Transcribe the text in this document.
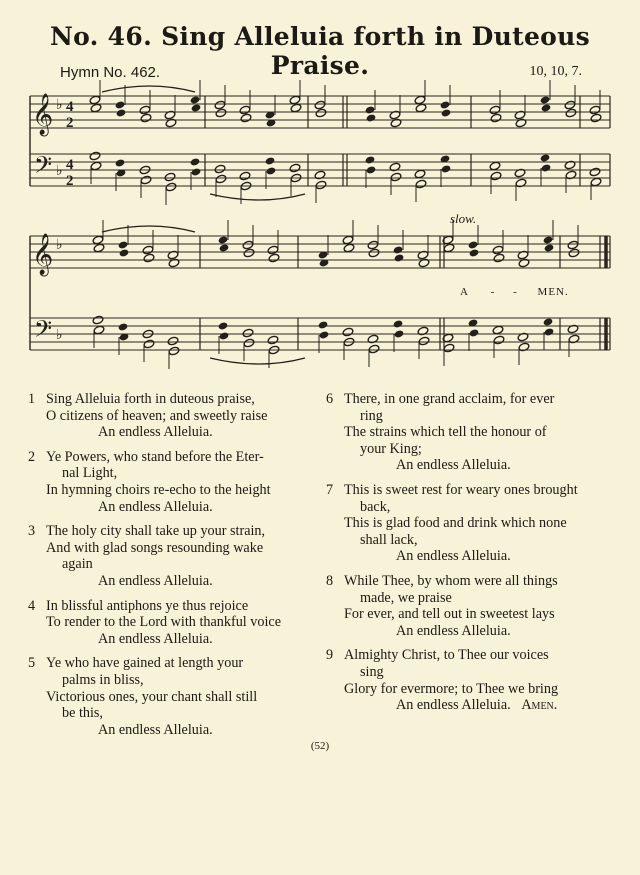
No. 46. Sing Alleluia forth in Duteous Praise.
Hymn No. 462.	10, 10, 7.
𝄞
𝄢
♭
♭
4
2
4
2
𝄞
𝄢
♭
♭
slow.
A - - MEN.
1 Sing Alleluia forth in duteous praise,
O citizens of heaven; and sweetly raise
An endless Alleluia.
2 Ye Powers, who stand before the Eter-
nal Light,
In hymning choirs re-echo to the height
An endless Alleluia.
3 The holy city shall take up your strain,
And with glad songs resounding wake
again
An endless Alleluia.
4 In blissful antiphons ye thus rejoice
To render to the Lord with thankful voice
An endless Alleluia.
5 Ye who have gained at length your
palms in bliss,
Victorious ones, your chant shall still
be this,
An endless Alleluia.
6 There, in one grand acclaim, for ever
ring
The strains which tell the honour of
your King;
An endless Alleluia.
7 This is sweet rest for weary ones brought
back,
This is glad food and drink which none
shall lack,
An endless Alleluia.
8 While Thee, by whom were all things
made, we praise
For ever, and tell out in sweetest lays
An endless Alleluia.
9 Almighty Christ, to Thee our voices
sing
Glory for evermore; to Thee we bring
An endless Alleluia. Amen.
(52)
